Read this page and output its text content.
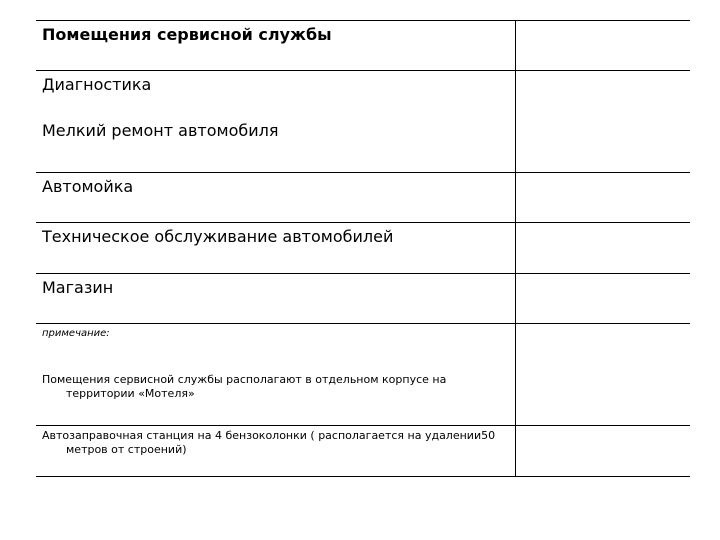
Помещения сервисной службы	

Диагностика
Мелкий ремонт автомобиля	

Автомойка	

Техническое обслуживание автомобилей	

Магазин	

примечание:
Помещения сервисной службы располагают в отдельном корпусе на территории «Мотеля»	

Автозаправочная станция на 4 бензоколонки ( располагается на удалении50 метров от строений)	
